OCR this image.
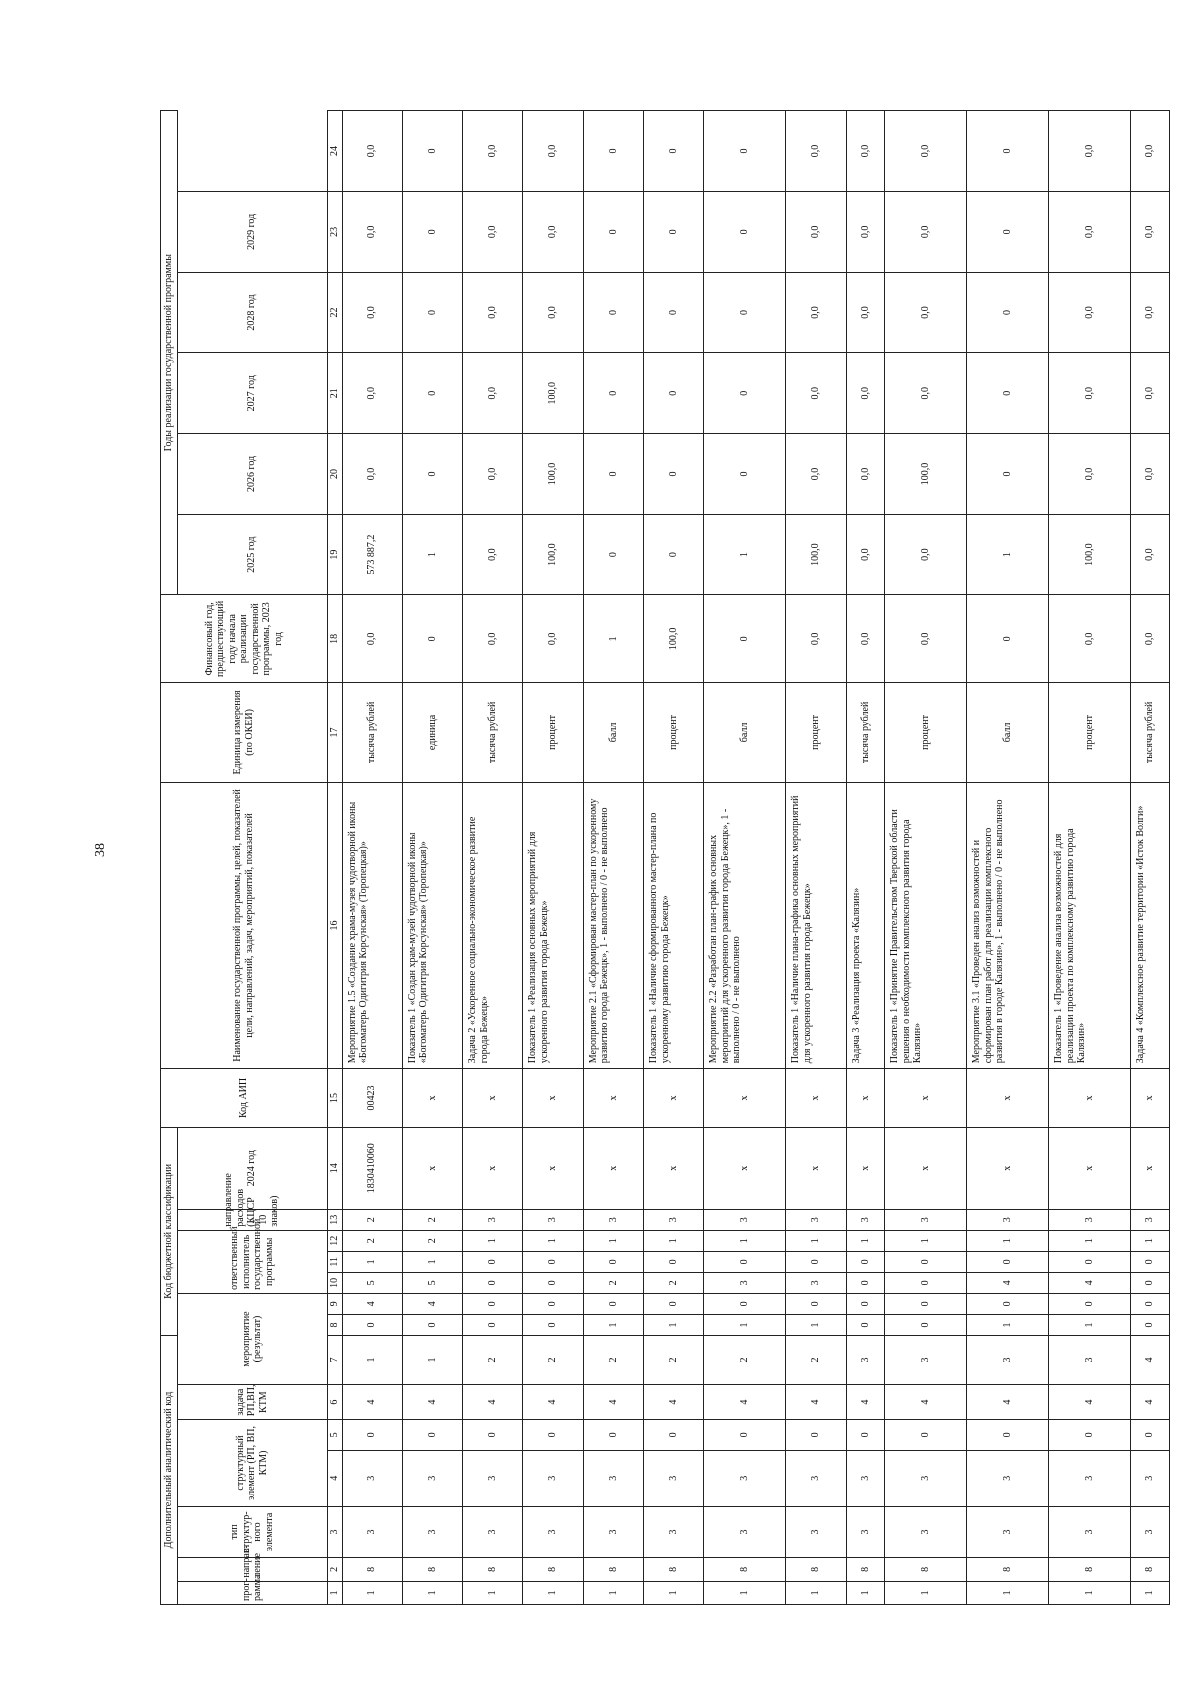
38
Дополнительный аналитический код							Код бюджетной классификации							Код АИП	Наименование государственной программы, целей, показателей цели, направлений, задач, мероприятий, показателей	Единица измерения (по ОКЕИ)	Финансовый год, предшествующий году начала реализации государственной программы, 2023 год	Годы реализации государственной программы					
прог-рамма	направ-ление	тип структур-ного элемента	структурный элемент (РП, ВП, КТМ)		задача РП,ВП, КТМ	мероприятие (результат)			ответственный исполнитель государственной программы			направление расходов (КЦСР 10 знаков)	2024 год					2025 год	2026 год	2027 год	2028 год	2029 год	

1	2	3	4	5	6	7	8	9	10	11	12	13	14	15	16	17	18	19	20	21	22	23	24
1	8	3	3	0	4	1	0	4	5	1	2	2	1830410060	00423	Мероприятие 1.5 «Создание храма-музея чудотворной иконы «Богоматерь Одигитрия Корсунская» (Торопецкая)»	тысяча рублей	0,0	573 887,2	0,0	0,0	0,0	0,0	0,0
1	8	3	3	0	4	1	0	4	5	1	2	2	x	x	Показатель 1 «Создан храм-музей чудотворной иконы «Богоматерь Одигитрия Корсунская» (Торопецкая)»	единица	0	1	0	0	0	0	0
1	8	3	3	0	4	2	0	0	0	0	1	3	x	x	Задача 2 «Ускоренное социально-экономическое развитие города Бежецк»	тысяча рублей	0,0	0,0	0,0	0,0	0,0	0,0	0,0
1	8	3	3	0	4	2	0	0	0	0	1	3	x	x	Показатель 1 «Реализация основных мероприятий для ускоренного развития города Бежецк»	процент	0,0	100,0	100,0	100,0	0,0	0,0	0,0
1	8	3	3	0	4	2	1	0	2	0	1	3	x	x	Мероприятие 2.1 «Сформирован мастер-план по ускоренному развитию города Бежецк», 1 - выполнено / 0 - не выполнено	балл	1	0	0	0	0	0	0
1	8	3	3	0	4	2	1	0	2	0	1	3	x	x	Показатель 1 «Наличие сформированного мастер-плана по ускоренному развитию города Бежецк»	процент	100,0	0	0	0	0	0	0
1	8	3	3	0	4	2	1	0	3	0	1	3	x	x	Мероприятие 2.2 «Разработан план-график основных мероприятий для ускоренного развития города Бежецк», 1 - выполнено / 0 - не выполнено	балл	0	1	0	0	0	0	0
1	8	3	3	0	4	2	1	0	3	0	1	3	x	x	Показатель 1 «Наличие плана-графика основных мероприятий для ускоренного развития города Бежецк»	процент	0,0	100,0	0,0	0,0	0,0	0,0	0,0
1	8	3	3	0	4	3	0	0	0	0	1	3	x	x	Задача 3 «Реализация проекта «Калязин»	тысяча рублей	0,0	0,0	0,0	0,0	0,0	0,0	0,0
1	8	3	3	0	4	3	0	0	0	0	1	3	x	x	Показатель 1 «Принятие Правительством Тверской области решения о необходимости комплексного развития города Калязин»	процент	0,0	0,0	100,0	0,0	0,0	0,0	0,0
1	8	3	3	0	4	3	1	0	4	0	1	3	x	x	Мероприятие 3.1 «Проведен анализ возможностей и сформирован план работ для реализации комплексного развития в городе Калязин», 1 - выполнено / 0 - не выполнено	балл	0	1	0	0	0	0	0
1	8	3	3	0	4	3	1	0	4	0	1	3	x	x	Показатель 1 «Проведение анализа возможностей для реализации проекта по комплексному развитию города Калязин»	процент	0,0	100,0	0,0	0,0	0,0	0,0	0,0
1	8	3	3	0	4	4	0	0	0	0	1	3	x	x	Задача 4 «Комплексное развитие территории «Исток Волги»	тысяча рублей	0,0	0,0	0,0	0,0	0,0	0,0	0,0
